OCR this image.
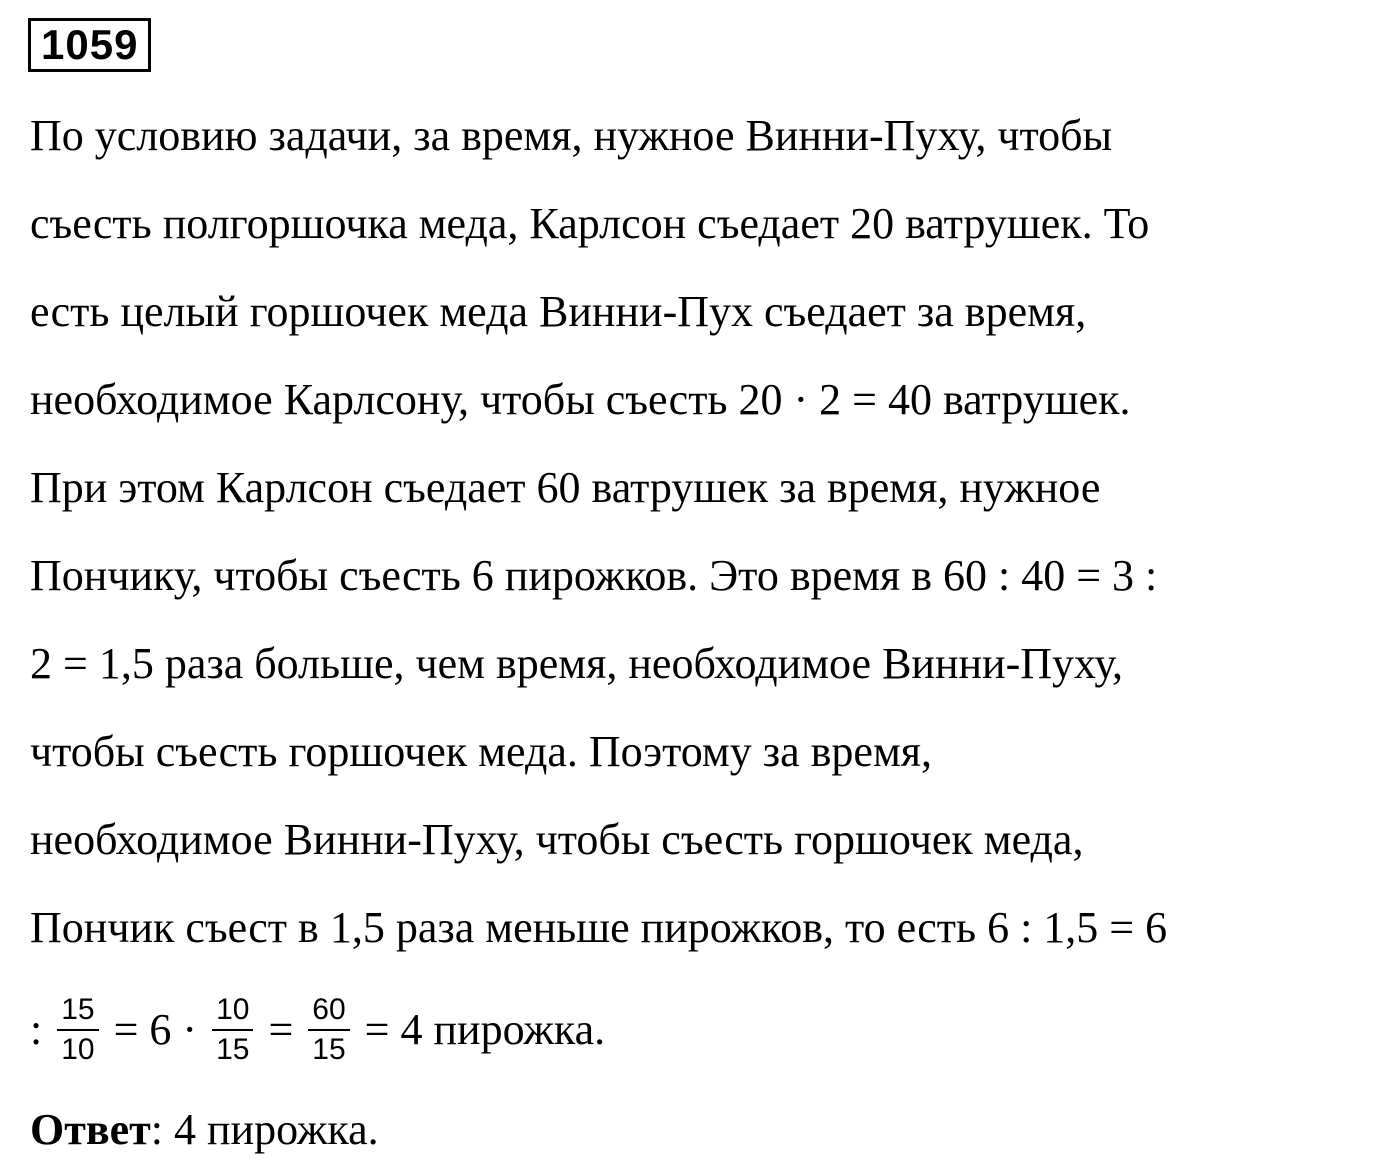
1059
По условию задачи, за время, нужное Винни-Пуху, чтобы
съесть полгоршочка меда, Карлсон съедает 20 ватрушек. То
есть целый горшочек меда Винни-Пух съедает за время,
необходимое Карлсону, чтобы съесть 20 · 2 = 40 ватрушек.
При этом Карлсон съедает 60 ватрушек за время, нужное
Пончику, чтобы съесть 6 пирожков. Это время в 60 : 40 = 3 :
2 = 1,5 раза больше, чем время, необходимое Винни-Пуху,
чтобы съесть горшочек меда. Поэтому за время,
необходимое Винни-Пуху, чтобы съесть горшочек меда,
Пончик съест в 1,5 раза меньше пирожков, то есть 6 : 1,5 = 6
: $\frac{15}{10} = 6 \cdot \frac{10}{15} = \frac{60}{15} = 4$ пирожка.
Ответ: 4 пирожка.
